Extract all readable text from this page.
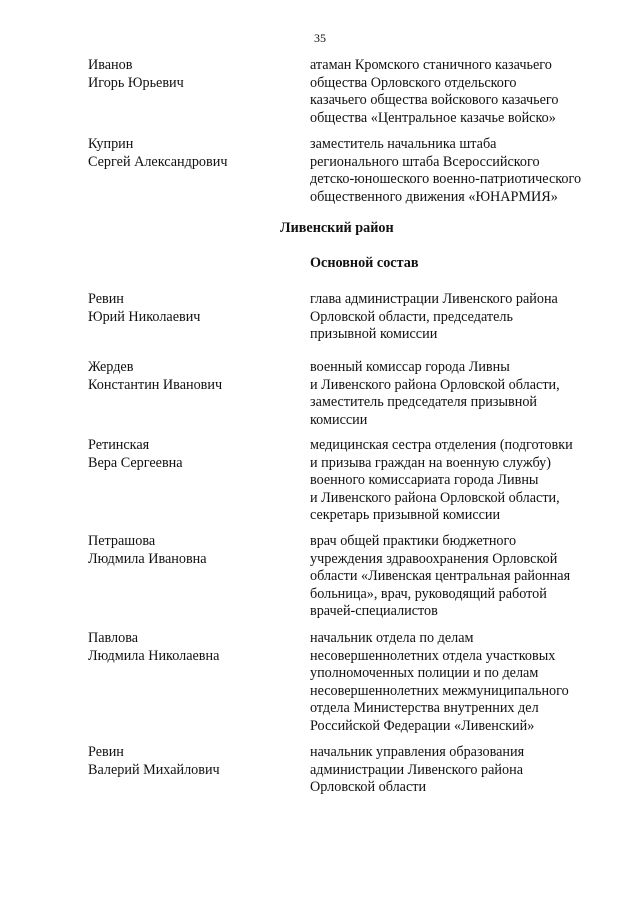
35
Иванов
Игорь Юрьевич
атаман Кромского станичного казачьего
общества Орловского отдельского
казачьего общества войскового казачьего
общества «Центральное казачье войско»
Куприн
Сергей Александрович
заместитель начальника штаба
регионального штаба Всероссийского
детско-юношеского военно-патриотического
общественного движения «ЮНАРМИЯ»
Ливенский район
Основной состав
Ревин
Юрий Николаевич
глава администрации Ливенского района
Орловской области, председатель
призывной комиссии
Жердев
Константин Иванович
военный комиссар города Ливны
и Ливенского района Орловской области,
заместитель председателя призывной
комиссии
Ретинская
Вера Сергеевна
медицинская сестра отделения (подготовки
и призыва граждан на военную службу)
военного комиссариата города Ливны
и Ливенского района Орловской области,
секретарь призывной комиссии
Петрашова
Людмила Ивановна
врач общей практики бюджетного
учреждения здравоохранения Орловской
области «Ливенская центральная районная
больница», врач, руководящий работой
врачей-специалистов
Павлова
Людмила Николаевна
начальник отдела по делам
несовершеннолетних отдела участковых
уполномоченных полиции и по делам
несовершеннолетних межмуниципального
отдела Министерства внутренних дел
Российской Федерации «Ливенский»
Ревин
Валерий Михайлович
начальник управления образования
администрации Ливенского района
Орловской области
